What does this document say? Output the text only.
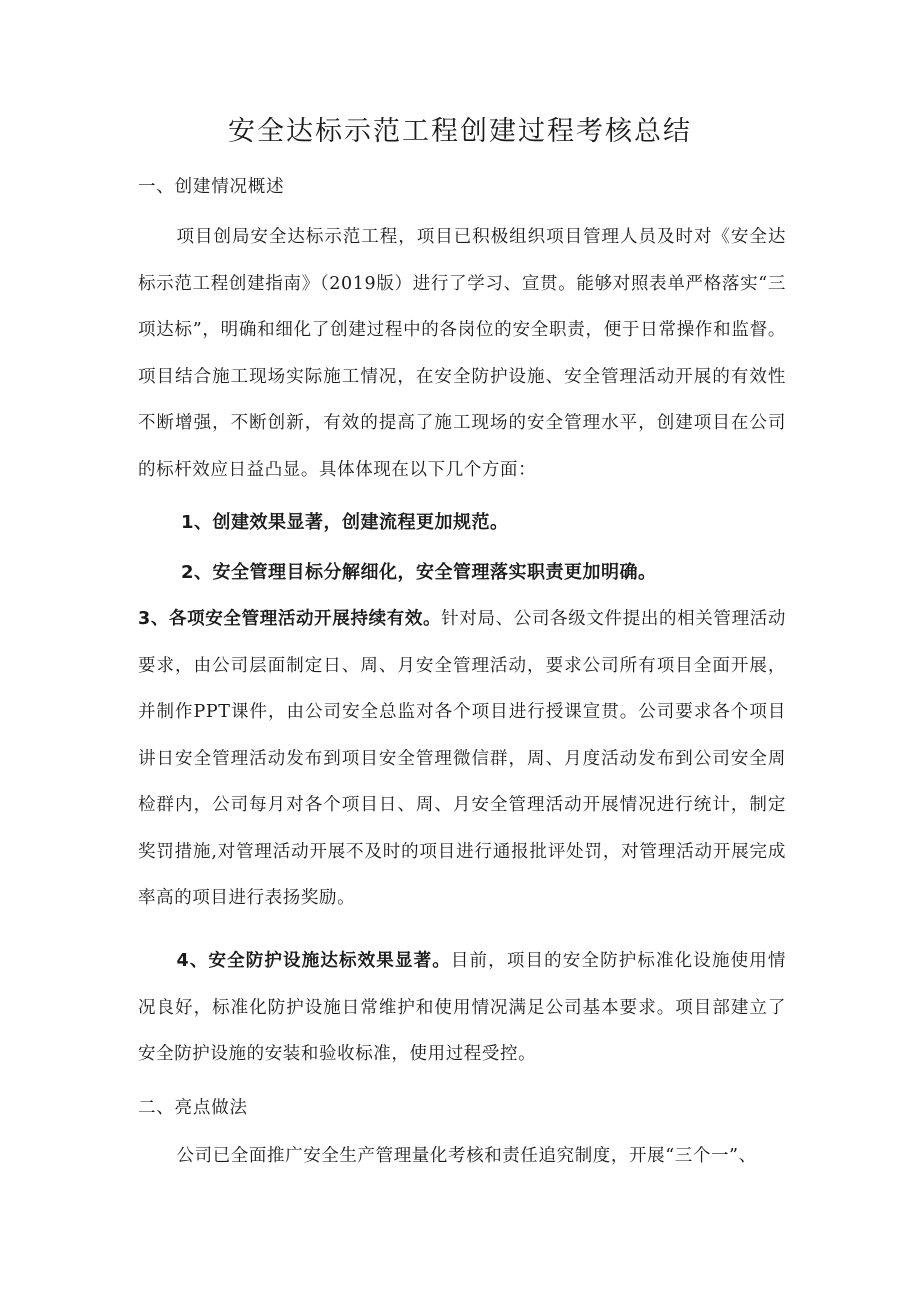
安全达标示范工程创建过程考核总结
一、创建情况概述
项目创局安全达标示范工程，项目已积极组织项目管理人员及时对《安全达标示范工程创建指南》（2019版）进行了学习、宣贯。能够对照表单严格落实“三项达标”，明确和细化了创建过程中的各岗位的安全职责，便于日常操作和监督。项目结合施工现场实际施工情况，在安全防护设施、安全管理活动开展的有效性不断增强，不断创新，有效的提高了施工现场的安全管理水平，创建项目在公司的标杆效应日益凸显。具体体现在以下几个方面：
1、创建效果显著，创建流程更加规范。
2、安全管理目标分解细化，安全管理落实职责更加明确。
3、各项安全管理活动开展持续有效。针对局、公司各级文件提出的相关管理活动要求，由公司层面制定日、周、月安全管理活动，要求公司所有项目全面开展，并制作PPT课件，由公司安全总监对各个项目进行授课宣贯。公司要求各个项目讲日安全管理活动发布到项目安全管理微信群，周、月度活动发布到公司安全周检群内，公司每月对各个项目日、周、月安全管理活动开展情况进行统计，制定奖罚措施,对管理活动开展不及时的项目进行通报批评处罚，对管理活动开展完成率高的项目进行表扬奖励。
4、安全防护设施达标效果显著。目前，项目的安全防护标准化设施使用情况良好，标准化防护设施日常维护和使用情况满足公司基本要求。项目部建立了安全防护设施的安装和验收标准，使用过程受控。
二、亮点做法
公司已全面推广安全生产管理量化考核和责任追究制度，开展“三个一”、
